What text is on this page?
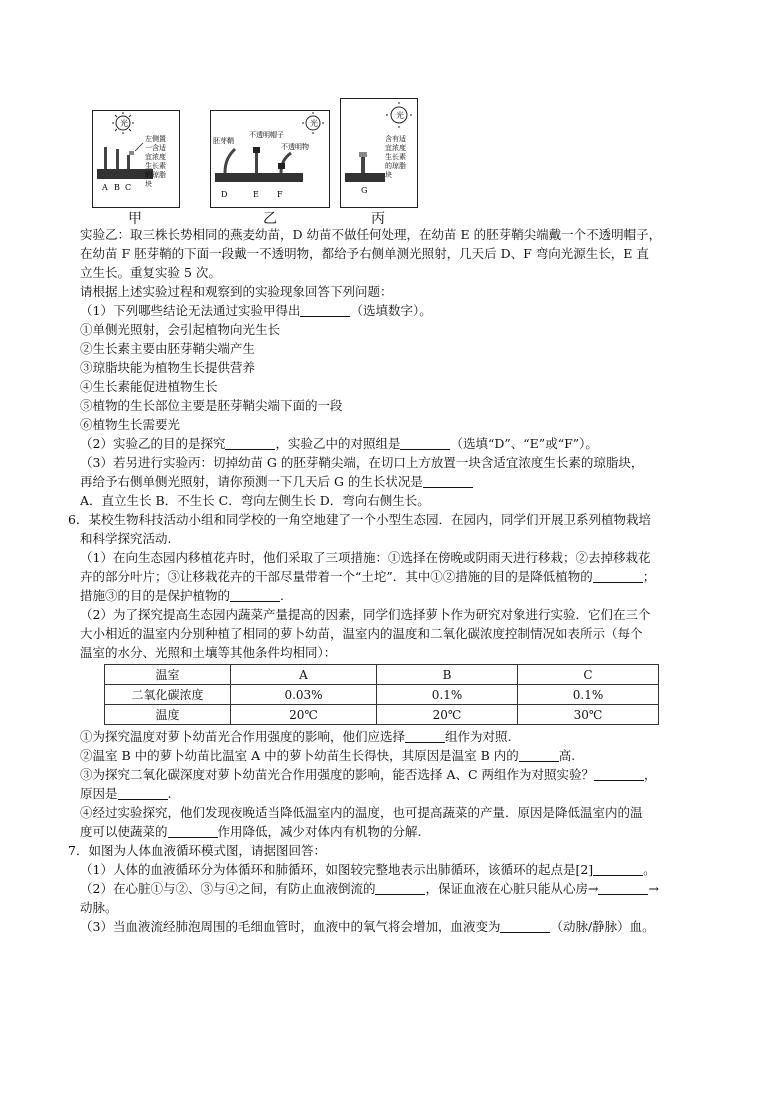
光
A B C
左侧置
一含适
宜浓度
生长素
的琼脂
块
甲
光
胚芽鞘
不透明帽子
不透明物
D	E F
乙
光
G
含有适
宜浓度
生长素
的琼脂
块
丙
实验乙：取三株长势相同的燕麦幼苗，D 幼苗不做任何处理，在幼苗 E 的胚芽鞘尖端戴一个不透明帽子，
在幼苗 F 胚芽鞘的下面一段戴一不透明物，都给予右侧单测光照射，几天后 D、F 弯向光源生长，E 直
立生长。重复实验 5 次。
请根据上述实验过程和观察到的实验现象回答下列问题：
（1）下列哪些结论无法通过实验甲得出	（选填数字）。
①单侧光照射，会引起植物向光生长
②生长素主要由胚芽鞘尖端产生
③琼脂块能为植物生长提供营养
④生长素能促进植物生长
⑤植物的生长部位主要是胚芽鞘尖端下面的一段
⑥植物生长需要光
（2）实验乙的目的是探究	，实验乙中的对照组是	（选填“D”、“E”或“F”）。
（3）若另进行实验丙：切掉幼苗 G 的胚芽鞘尖端，在切口上方放置一块含适宜浓度生长素的琼脂块，
再给予右侧单侧光照射，请你预测一下几天后 G 的生长状况是
A．直立生长 B．不生长 C．弯向左侧生长 D．弯向右侧生长。
6．某校生物科技活动小组和同学校的一角空地建了一个小型生态园．在园内，同学们开展卫系列植物栽培
和科学探究活动.
（1）在向生态园内移植花卉时，他们采取了三项措施：①选择在傍晚或阴雨天进行移栽；②去掉移栽花
卉的部分叶片；③让移栽花卉的干部尽量带着一个“土坨”．其中①②措施的目的是降低植物的	；
措施③的目的是保护植物的	.
（2）为了探究提高生态园内蔬菜产量提高的因素，同学们选择萝卜作为研究对象进行实验．它们在三个
大小相近的温室内分别种植了相同的萝卜幼苗，温室内的温度和二氧化碳浓度控制情况如表所示（每个
温室的水分、光照和土壤等其他条件均相同）：
温室	A	B	C
二氧化碳浓度	0.03%	0.1%	0.1%
温度	20℃	20℃	30℃
①为探究温度对萝卜幼苗光合作用强度的影响，他们应选择	组作为对照.
②温室 B 中的萝卜幼苗比温室 A 中的萝卜幼苗生长得快，其原因是温室 B 内的	高.
③为探究二氧化碳深度对萝卜幼苗光合作用强度的影响，能否选择 A、C 两组作为对照实验？	，
原因是	.
④经过实验探究，他们发现夜晚适当降低温室内的温度，也可提高蔬菜的产量．原因是降低温室内的温
度可以使蔬菜的	作用降低，减少对体内有机物的分解.
7．如图为人体血液循环模式图，请据图回答：
（1）人体的血液循环分为体循环和肺循环，如图较完整地表示出肺循环，该循环的起点是[2]	。
（2）在心脏①与②、③与④之间，有防止血液倒流的	，保证血液在心脏只能从心房→	→
动脉。
（3）当血液流经肺泡周围的毛细血管时，血液中的氧气将会增加，血液变为	（动脉/静脉）血。
